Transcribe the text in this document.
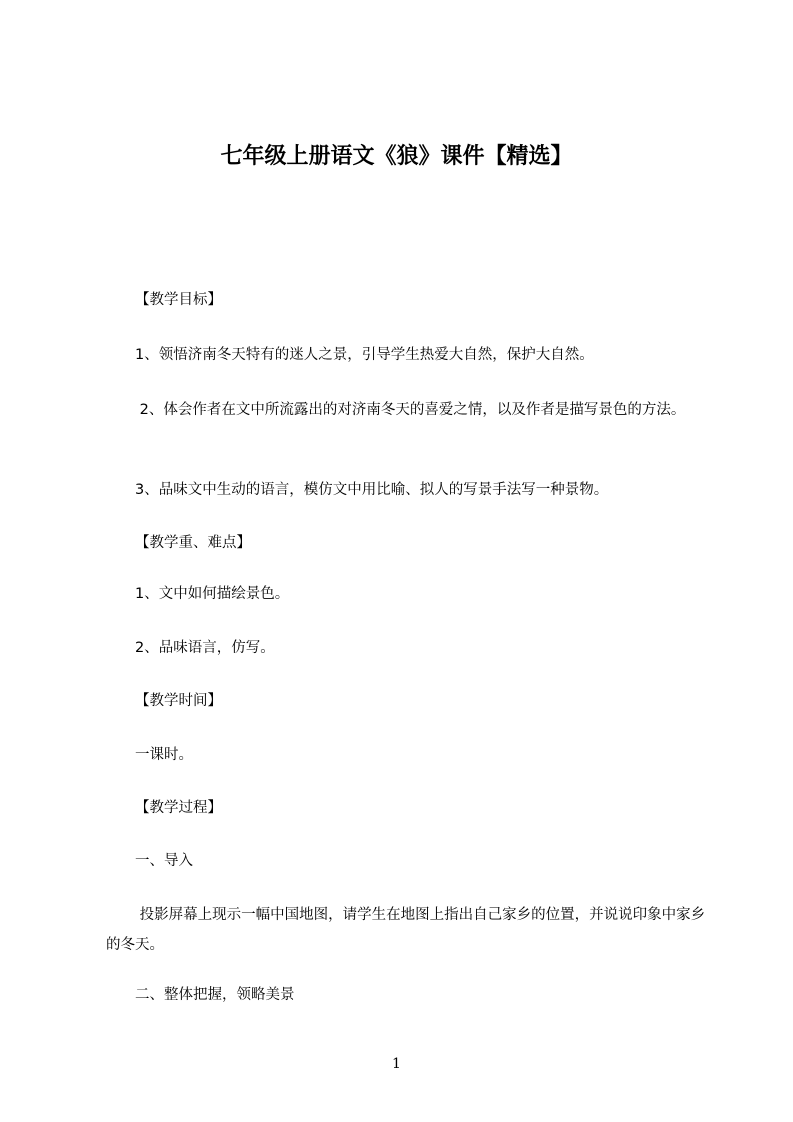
七年级上册语文《狼》课件【精选】

【教学目标】

1、领悟济南冬天特有的迷人之景，引导学生热爱大自然，保护大自然。

2、体会作者在文中所流露出的对济南冬天的喜爱之情，以及作者是描写景色的方法。

3、品味文中生动的语言，模仿文中用比喻、拟人的写景手法写一种景物。

【教学重、难点】

1、文中如何描绘景色。

2、品味语言，仿写。

【教学时间】

一课时。

【教学过程】

一、导入

投影屏幕上现示一幅中国地图，请学生在地图上指出自己家乡的位置，并说说印象中家乡的冬天。

二、整体把握，领略美景

1
